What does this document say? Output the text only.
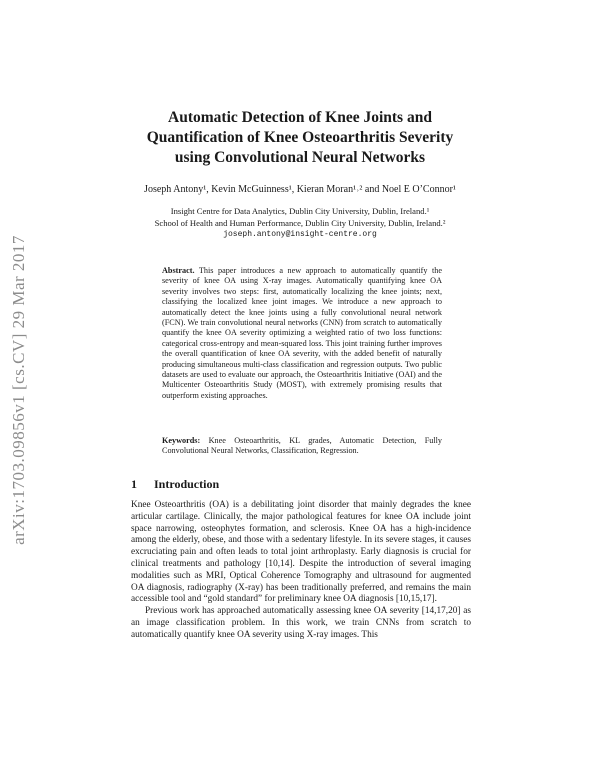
arXiv:1703.09856v1 [cs.CV] 29 Mar 2017
Automatic Detection of Knee Joints and
Quantification of Knee Osteoarthritis Severity
using Convolutional Neural Networks
Joseph Antony¹, Kevin McGuinness¹, Kieran Moran¹˒² and Noel E O’Connor¹
Insight Centre for Data Analytics, Dublin City University, Dublin, Ireland.¹
School of Health and Human Performance, Dublin City University, Dublin, Ireland.²
joseph.antony@insight-centre.org
Abstract. This paper introduces a new approach to automatically quantify the severity of knee OA using X-ray images. Automatically quantifying knee OA severity involves two steps: first, automatically localizing the knee joints; next, classifying the localized knee joint images. We introduce a new approach to automatically detect the knee joints using a fully convolutional neural network (FCN). We train convolutional neural networks (CNN) from scratch to automatically quantify the knee OA severity optimizing a weighted ratio of two loss functions: categorical cross-entropy and mean-squared loss. This joint training further improves the overall quantification of knee OA severity, with the added benefit of naturally producing simultaneous multi-class classification and regression outputs. Two public datasets are used to evaluate our approach, the Osteoarthritis Initiative (OAI) and the Multicenter Osteoarthritis Study (MOST), with extremely promising results that outperform existing approaches.
Keywords: Knee Osteoarthritis, KL grades, Automatic Detection, Fully Convolutional Neural Networks, Classification, Regression.
1 Introduction

Knee Osteoarthritis (OA) is a debilitating joint disorder that mainly degrades the knee articular cartilage. Clinically, the major pathological features for knee OA include joint space narrowing, osteophytes formation, and sclerosis. Knee OA has a high-incidence among the elderly, obese, and those with a sedentary lifestyle. In its severe stages, it causes excruciating pain and often leads to total joint arthroplasty. Early diagnosis is crucial for clinical treatments and pathology [10,14]. Despite the introduction of several imaging modalities such as MRI, Optical Coherence Tomography and ultrasound for augmented OA diagnosis, radiography (X-ray) has been traditionally preferred, and remains the main accessible tool and “gold standard” for preliminary knee OA diagnosis [10,15,17].

Previous work has approached automatically assessing knee OA severity [14,17,20] as an image classification problem. In this work, we train CNNs from scratch to automatically quantify knee OA severity using X-ray images. This
